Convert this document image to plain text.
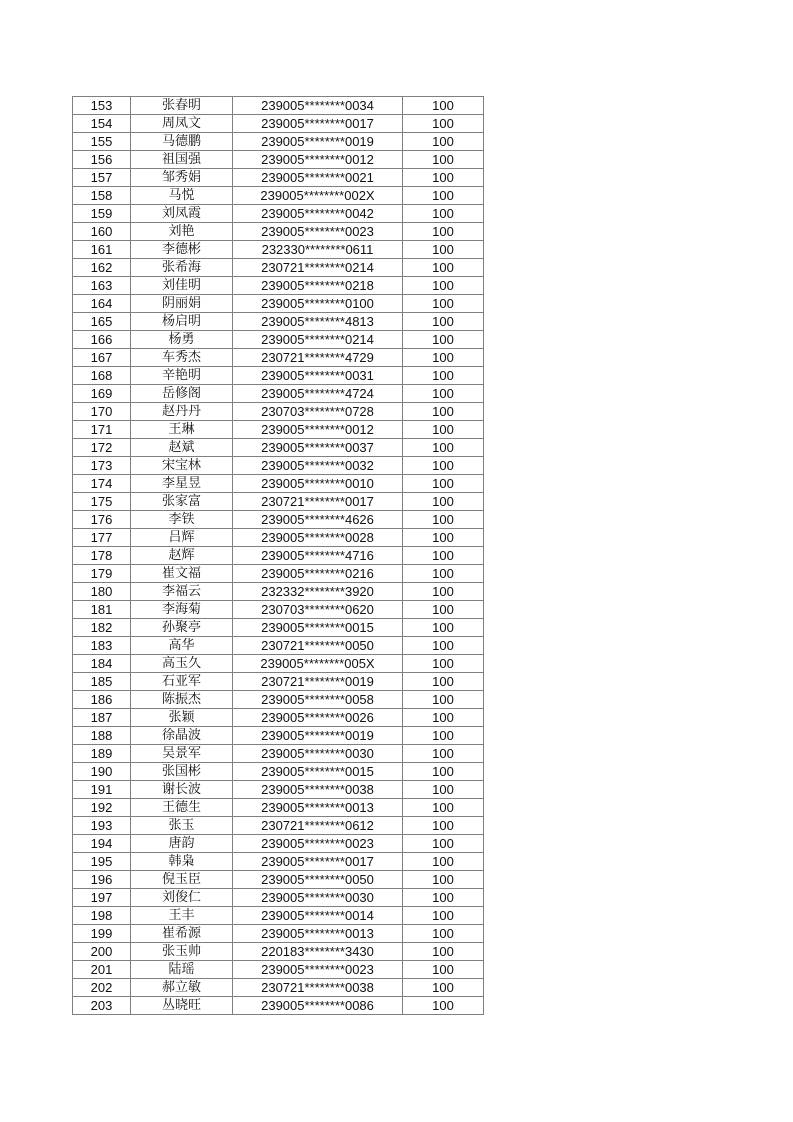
153	张春明	239005********0034	100
154	周凤文	239005********0017	100
155	马德鹏	239005********0019	100
156	祖国强	239005********0012	100
157	邹秀娟	239005********0021	100
158	马悦	239005********002X	100
159	刘凤霞	239005********0042	100
160	刘艳	239005********0023	100
161	李德彬	232330********0611	100
162	张希海	230721********0214	100
163	刘佳明	239005********0218	100
164	阴丽娟	239005********0100	100
165	杨启明	239005********4813	100
166	杨勇	239005********0214	100
167	车秀杰	230721********4729	100
168	辛艳明	239005********0031	100
169	岳修阁	239005********4724	100
170	赵丹丹	230703********0728	100
171	王琳	239005********0012	100
172	赵斌	239005********0037	100
173	宋宝林	239005********0032	100
174	李星昱	239005********0010	100
175	张家富	230721********0017	100
176	李铁	239005********4626	100
177	吕辉	239005********0028	100
178	赵辉	239005********4716	100
179	崔文福	239005********0216	100
180	李福云	232332********3920	100
181	李海菊	230703********0620	100
182	孙聚亭	239005********0015	100
183	高华	230721********0050	100
184	高玉久	239005********005X	100
185	石亚军	230721********0019	100
186	陈振杰	239005********0058	100
187	张颖	239005********0026	100
188	徐晶波	239005********0019	100
189	吴景军	239005********0030	100
190	张国彬	239005********0015	100
191	谢长波	239005********0038	100
192	王德生	239005********0013	100
193	张玉	230721********0612	100
194	唐韵	239005********0023	100
195	韩枭	239005********0017	100
196	倪玉臣	239005********0050	100
197	刘俊仁	239005********0030	100
198	王丰	239005********0014	100
199	崔希源	239005********0013	100
200	张玉帅	220183********3430	100
201	陆瑶	239005********0023	100
202	郝立敏	230721********0038	100
203	丛晓旺	239005********0086	100
